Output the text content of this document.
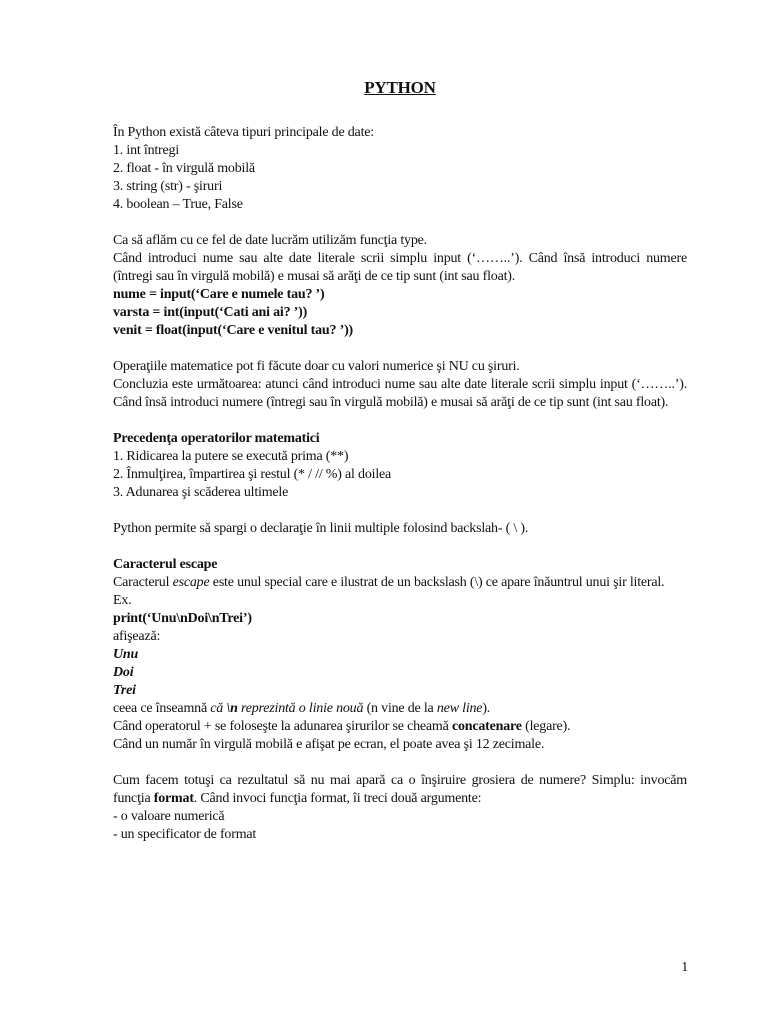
PYTHON

În Python există câteva tipuri principale de date:

1. int întregi

2. float - în virgulă mobilă

3. string (str) - şiruri

4. boolean – True, False

Ca să aflăm cu ce fel de date lucrăm utilizăm funcţia type.

Când introduci nume sau alte date literale scrii simplu input (‘……..’). Când însă introduci numere (întregi sau în virgulă mobilă) e musai să arăţi de ce tip sunt (int sau float).

nume = input(‘Care e numele tau? ’)

varsta = int(input(‘Cati ani ai? ’))

venit = float(input(‘Care e venitul tau? ’))

Operaţiile matematice pot fi făcute doar cu valori numerice şi NU cu şiruri.

Concluzia este următoarea: atunci când introduci nume sau alte date literale scrii simplu input (‘……..’). Când însă introduci numere (întregi sau în virgulă mobilă) e musai să arăţi de ce tip sunt (int sau float).

Precedenţa operatorilor matematici

1. Ridicarea la putere se execută prima (**)

2. Înmulţirea, împartirea şi restul (* / // %) al doilea

3. Adunarea şi scăderea ultimele

Python permite să spargi o declaraţie în linii multiple folosind backslah- ( \ ).

Caracterul escape

Caracterul escape este unul special care e ilustrat de un backslash (\) ce apare înăuntrul unui şir literal.

Ex.

print(‘Unu\nDoi\nTrei’)

afişează:

Unu

Doi

Trei

ceea ce înseamnă că \n reprezintă o linie nouă (n vine de la new line).

Când operatorul + se foloseşte la adunarea şirurilor se cheamă concatenare (legare).

Când un număr în virgulă mobilă e afişat pe ecran, el poate avea şi 12 zecimale.

Cum facem totuşi ca rezultatul să nu mai apară ca o înşiruire grosiera de numere? Simplu: invocăm funcţia format. Când invoci funcţia format, îi treci două argumente:

- o valoare numerică

- un specificator de format

1
